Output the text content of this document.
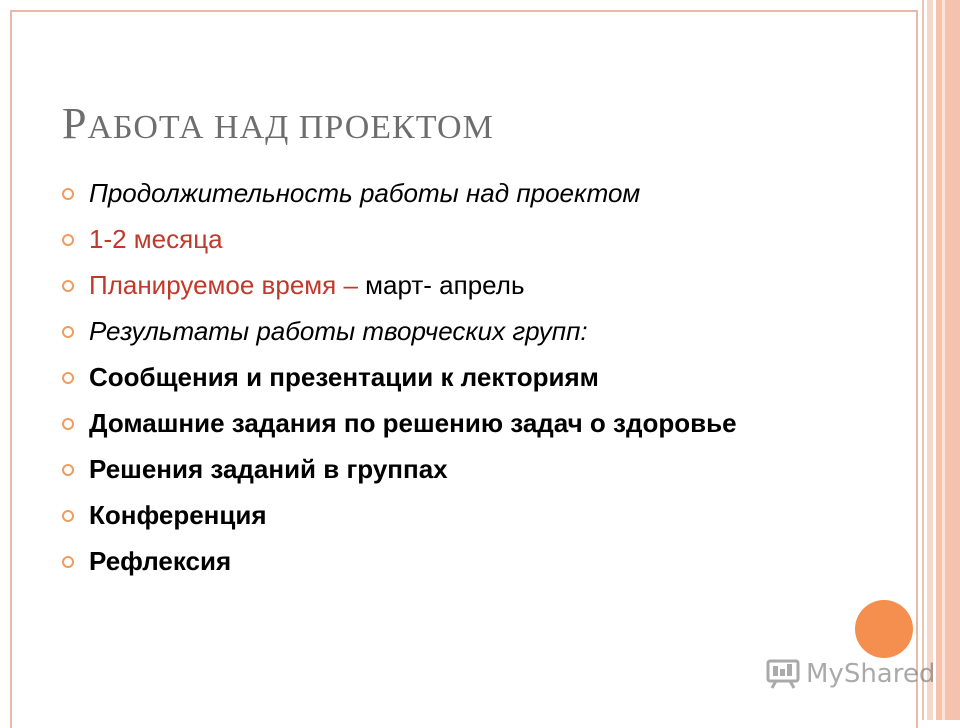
РАБОТА НАД ПРОЕКТОМ
Продолжительность работы над проектом
1-2 месяца
Планируемое время – март- апрель
Результаты работы творческих групп:
Сообщения и презентации к лекториям
Домашние задания по решению задач о здоровье
Решения заданий в группах
Конференция
Рефлексия
MyShared
